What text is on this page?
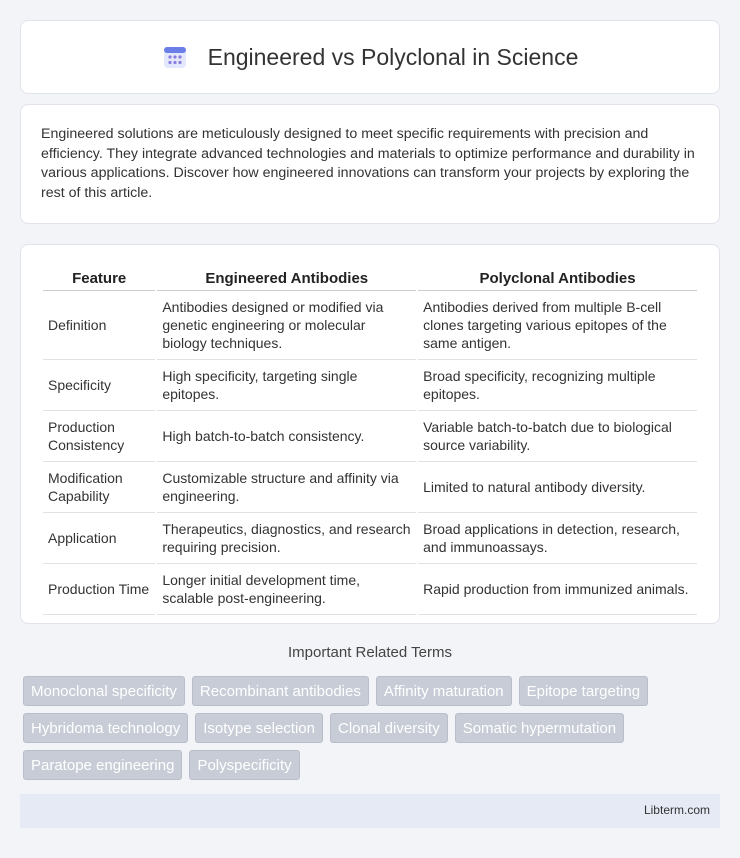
Engineered vs Polyclonal in Science

Engineered solutions are meticulously designed to meet specific requirements with precision and efficiency. They integrate advanced technologies and materials to optimize performance and durability in various applications. Discover how engineered innovations can transform your projects by exploring the rest of this article.

Feature	Engineered Antibodies	Polyclonal Antibodies
Definition	Antibodies designed or modified via genetic engineering or molecular biology techniques.	Antibodies derived from multiple B-cell clones targeting various epitopes of the same antigen.
Specificity	High specificity, targeting single epitopes.	Broad specificity, recognizing multiple epitopes.
Production Consistency	High batch-to-batch consistency.	Variable batch-to-batch due to biological source variability.
Modification Capability	Customizable structure and affinity via engineering.	Limited to natural antibody diversity.
Application	Therapeutics, diagnostics, and research requiring precision.	Broad applications in detection, research, and immunoassays.
Production Time	Longer initial development time, scalable post-engineering.	Rapid production from immunized animals.
Important Related Terms
Monoclonal specificity	Recombinant antibodies	Affinity maturation	Epitope targeting
Hybridoma technology	Isotype selection	Clonal diversity	Somatic hypermutation
Paratope engineering	Polyspecificity
Libterm.com
